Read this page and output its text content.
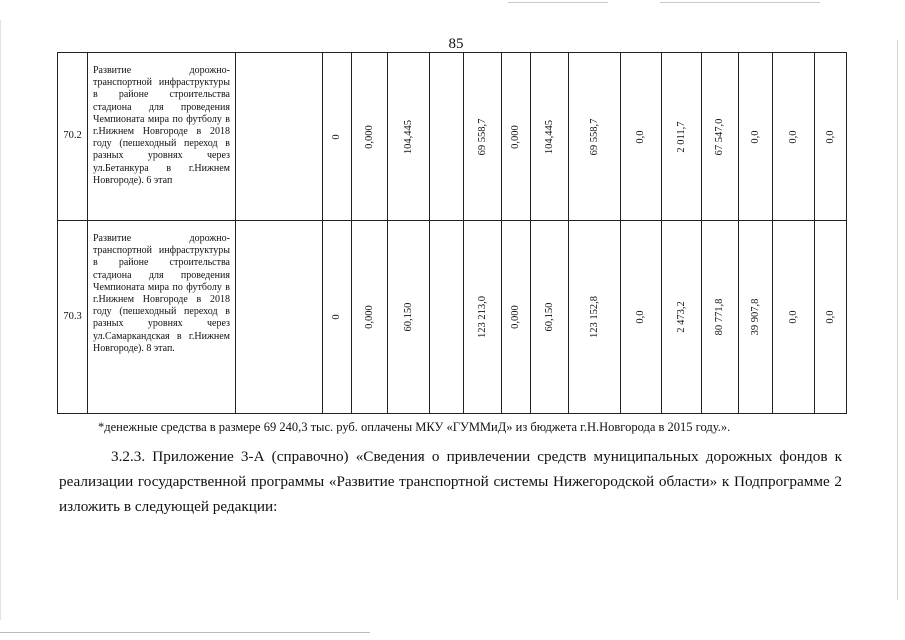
85
70.2	Развитие дорожно-транспортной инфраструктуры в районе строительства стадиона для проведения Чемпионата мира по футболу в г.Нижнем Новгороде в 2018 году (пешеходный переход в разных уровнях через ул.Бетанкура в г.Нижнем Новгороде). 6 этап		0	0,000	104,445		69 558,7	0,000	104,445	69 558,7	0,0	2 011,7	67 547,0	0,0	0,0	0,0

70.3	Развитие дорожно-транспортной инфраструктуры в районе строительства стадиона для проведения Чемпионата мира по футболу в г.Нижнем Новгороде в 2018 году (пешеходный переход в разных уровнях через ул.Самаркандская в г.Нижнем Новгороде). 8 этап.		0	0,000	60,150		123 213,0	0,000	60,150	123 152,8	0,0	2 473,2	80 771,8	39 907,8	0,0	0,0
*денежные средства в размере 69 240,3 тыс. руб. оплачены МКУ «ГУММиД» из бюджета г.Н.Новгорода в 2015 году.».
3.2.3. Приложение 3-А (справочно) «Сведения о привлечении средств муниципальных дорожных фондов к реализации государственной программы «Развитие транспортной системы Нижегородской области» к Подпрограмме 2 изложить в следующей редакции:
